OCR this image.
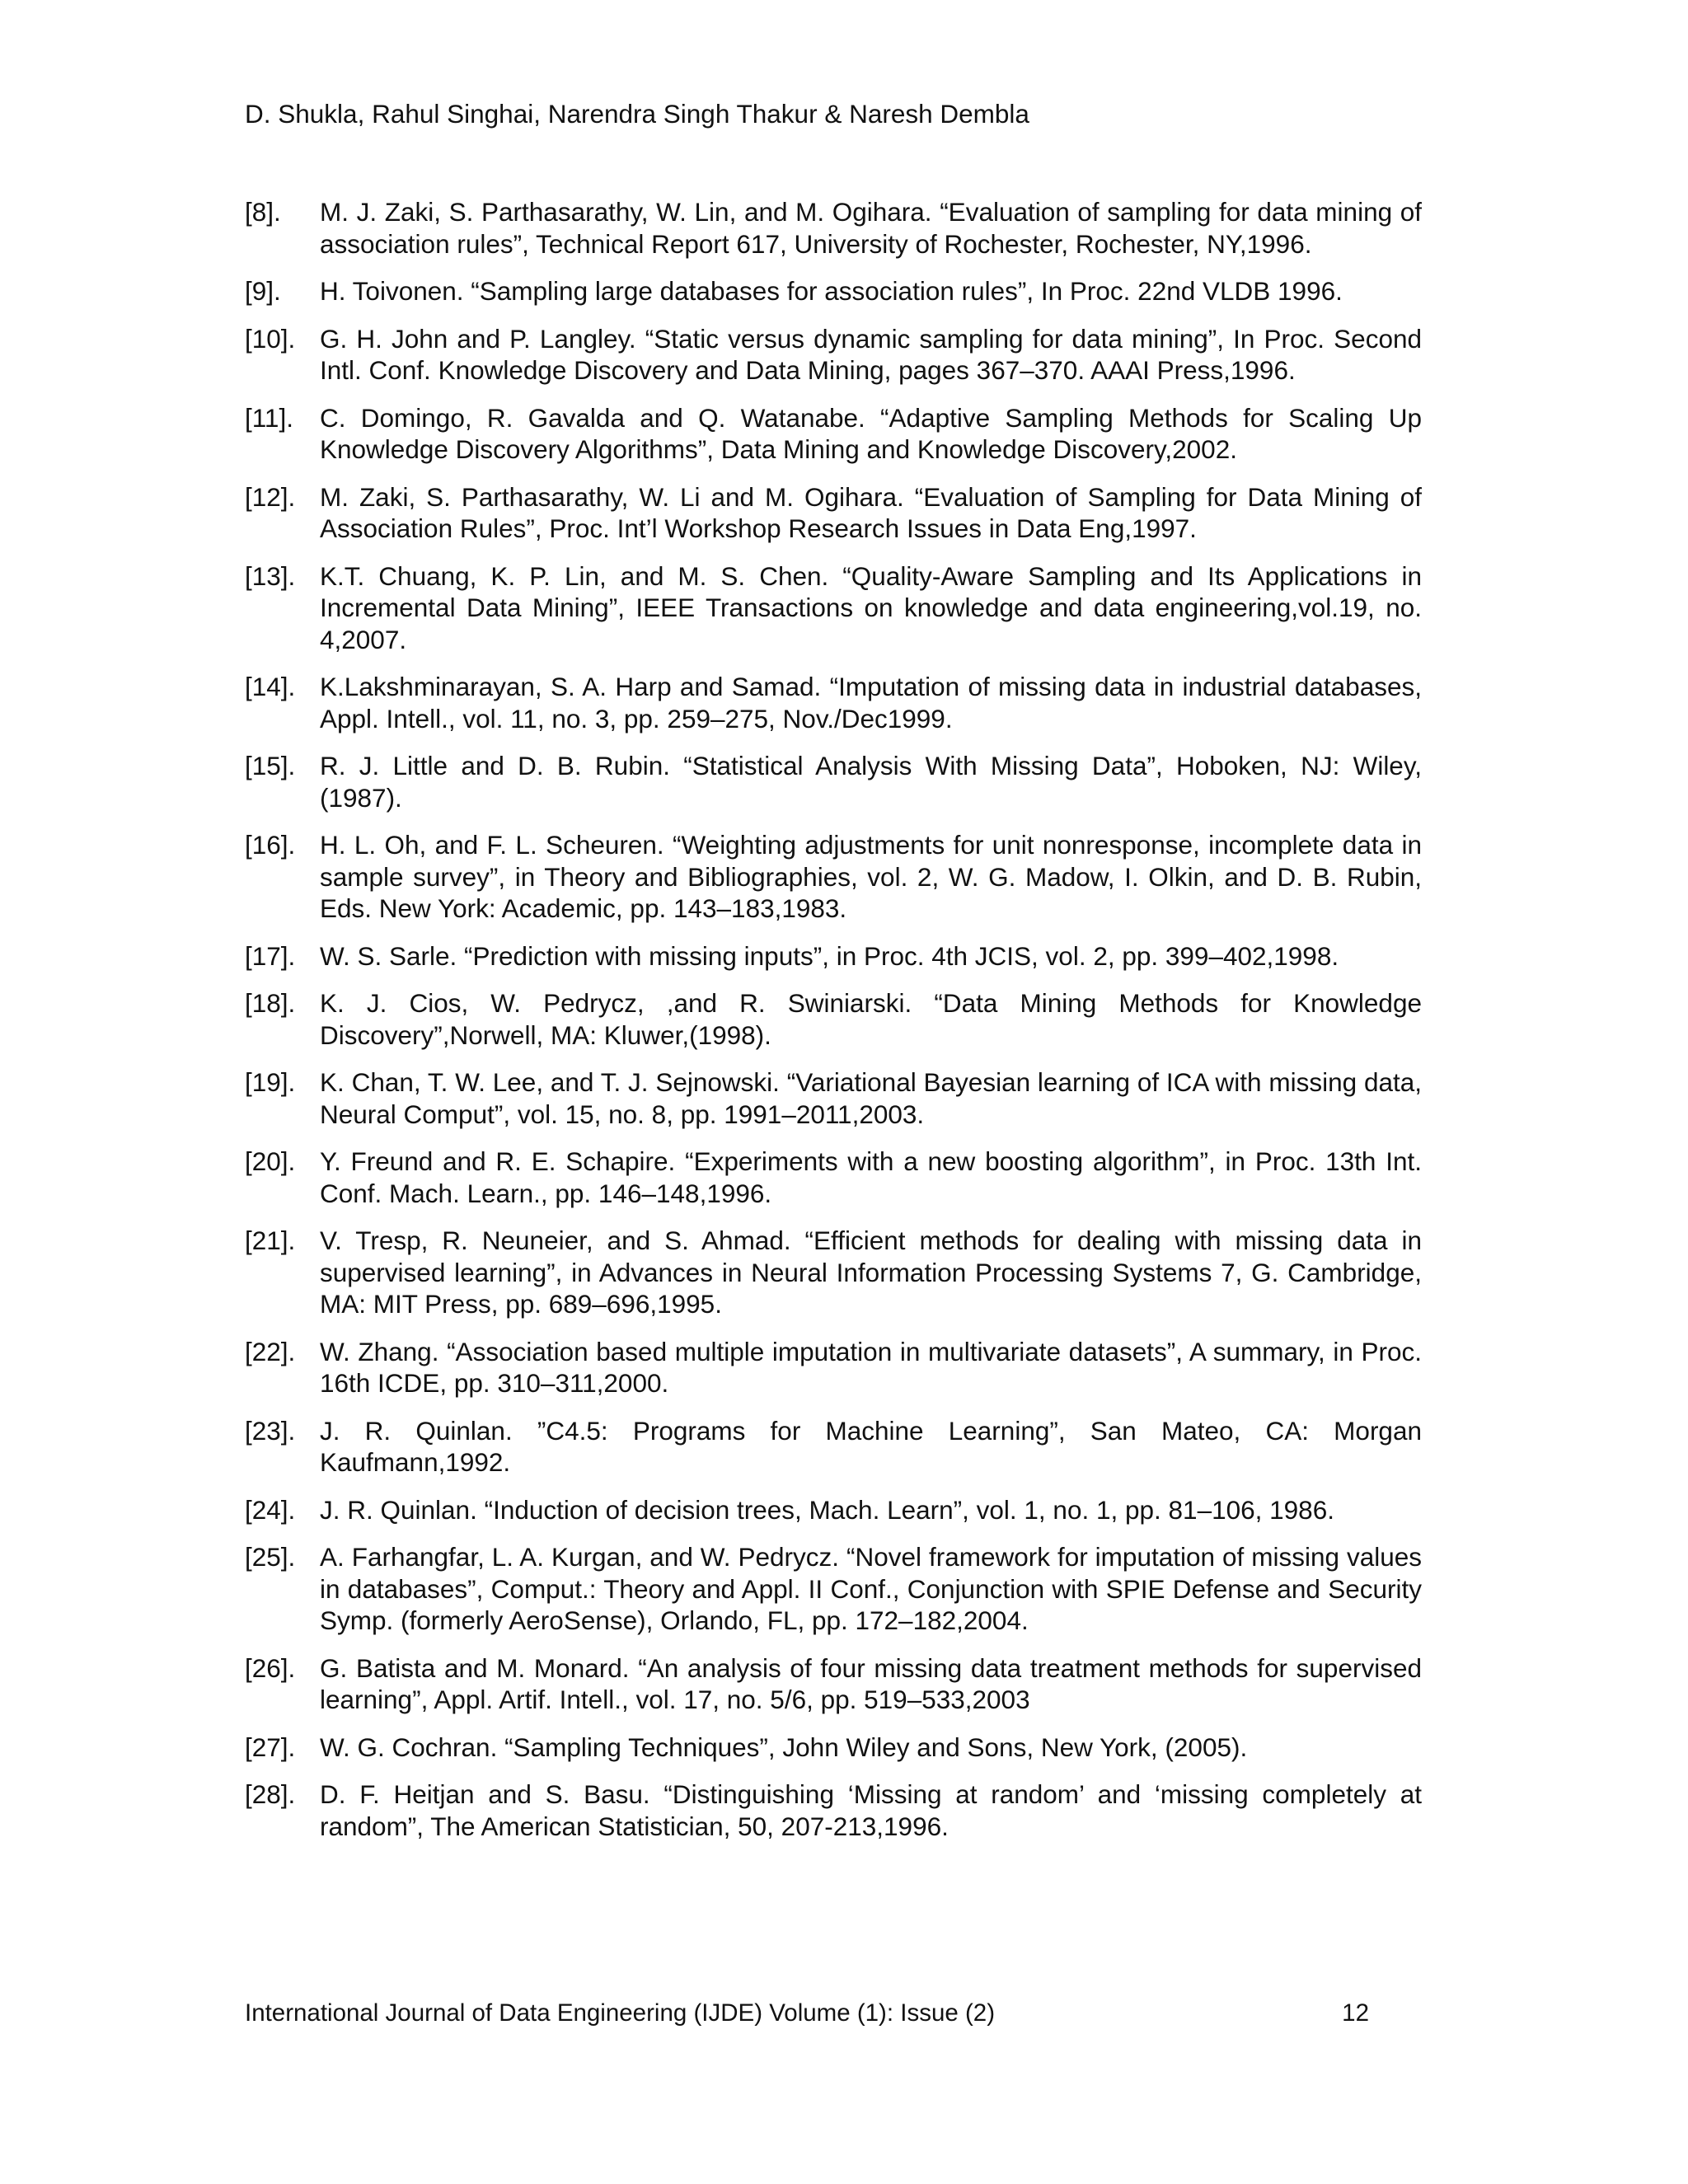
D. Shukla, Rahul Singhai, Narendra Singh Thakur & Naresh Dembla
[8]. M. J. Zaki, S. Parthasarathy, W. Lin, and M. Ogihara. “Evaluation of sampling for data mining of association rules”, Technical Report 617, University of Rochester, Rochester, NY,1996.
[9]. H. Toivonen. “Sampling large databases for association rules”, In Proc. 22nd VLDB 1996.
[10]. G. H. John and P. Langley. “Static versus dynamic sampling for data mining”, In Proc. Second Intl. Conf. Knowledge Discovery and Data Mining, pages 367–370. AAAI Press,1996.
[11]. C. Domingo, R. Gavalda and Q. Watanabe. “Adaptive Sampling Methods for Scaling Up Knowledge Discovery Algorithms”, Data Mining and Knowledge Discovery,2002.
[12]. M. Zaki, S. Parthasarathy, W. Li and M. Ogihara. “Evaluation of Sampling for Data Mining of Association Rules”, Proc. Int’l Workshop Research Issues in Data Eng,1997.
[13]. K.T. Chuang, K. P. Lin, and M. S. Chen. “Quality-Aware Sampling and Its Applications in Incremental Data Mining”, IEEE Transactions on knowledge and data engineering,vol.19, no. 4,2007.
[14]. K.Lakshminarayan, S. A. Harp and Samad. “Imputation of missing data in industrial databases, Appl. Intell., vol. 11, no. 3, pp. 259–275, Nov./Dec1999.
[15]. R. J. Little and D. B. Rubin. “Statistical Analysis With Missing Data”, Hoboken, NJ: Wiley, (1987).
[16]. H. L. Oh, and F. L. Scheuren. “Weighting adjustments for unit nonresponse, incomplete data in sample survey”, in Theory and Bibliographies, vol. 2, W. G. Madow, I. Olkin, and D. B. Rubin, Eds. New York: Academic, pp. 143–183,1983.
[17]. W. S. Sarle. “Prediction with missing inputs”, in Proc. 4th JCIS, vol. 2, pp. 399–402,1998.
[18]. K. J. Cios, W. Pedrycz, ,and R. Swiniarski. “Data Mining Methods for Knowledge Discovery”,Norwell, MA: Kluwer,(1998).
[19]. K. Chan, T. W. Lee, and T. J. Sejnowski. “Variational Bayesian learning of ICA with missing data, Neural Comput”, vol. 15, no. 8, pp. 1991–2011,2003.
[20]. Y. Freund and R. E. Schapire. “Experiments with a new boosting algorithm”, in Proc. 13th Int. Conf. Mach. Learn., pp. 146–148,1996.
[21]. V. Tresp, R. Neuneier, and S. Ahmad. “Efficient methods for dealing with missing data in supervised learning”, in Advances in Neural Information Processing Systems 7, G. Cambridge, MA: MIT Press, pp. 689–696,1995.
[22]. W. Zhang. “Association based multiple imputation in multivariate datasets”, A summary, in Proc. 16th ICDE, pp. 310–311,2000.
[23]. J. R. Quinlan. ”C4.5: Programs for Machine Learning”, San Mateo, CA: Morgan Kaufmann,1992.
[24]. J. R. Quinlan. “Induction of decision trees, Mach. Learn”, vol. 1, no. 1, pp. 81–106, 1986.
[25]. A. Farhangfar, L. A. Kurgan, and W. Pedrycz. “Novel framework for imputation of missing values in databases”, Comput.: Theory and Appl. II Conf., Conjunction with SPIE Defense and Security Symp. (formerly AeroSense), Orlando, FL, pp. 172–182,2004.
[26]. G. Batista and M. Monard. “An analysis of four missing data treatment methods for supervised learning”, Appl. Artif. Intell., vol. 17, no. 5/6, pp. 519–533,2003
[27]. W. G. Cochran. “Sampling Techniques”, John Wiley and Sons, New York, (2005).
[28]. D. F. Heitjan and S. Basu. “Distinguishing ‘Missing at random’ and ‘missing completely at random”, The American Statistician, 50, 207-213,1996.
International Journal of Data Engineering (IJDE) Volume (1): Issue (2)	12
